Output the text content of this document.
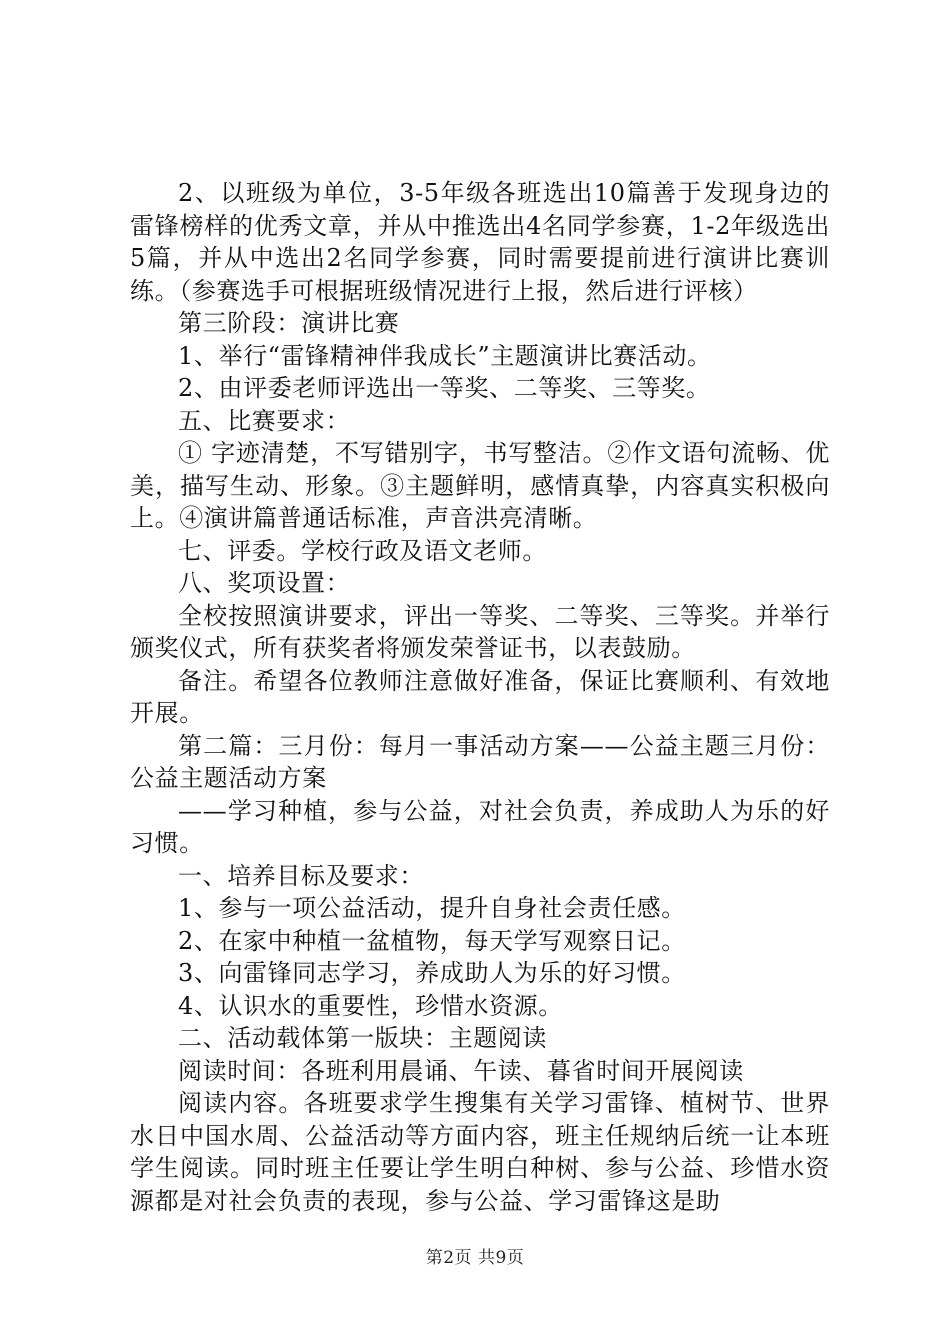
2、以班级为单位，3-5年级各班选出10篇善于发现身边的雷锋榜样的优秀文章，并从中推选出4名同学参赛，1-2年级选出5篇，并从中选出2名同学参赛，同时需要提前进行演讲比赛训练。（参赛选手可根据班级情况进行上报，然后进行评核）

第三阶段：演讲比赛

1、举行“雷锋精神伴我成长”主题演讲比赛活动。

2、由评委老师评选出一等奖、二等奖、三等奖。

五、比赛要求：

① 字迹清楚，不写错别字，书写整洁。②作文语句流畅、优美，描写生动、形象。③主题鲜明，感情真挚，内容真实积极向上。④演讲篇普通话标准，声音洪亮清晰。

七、评委。学校行政及语文老师。

八、奖项设置：

全校按照演讲要求，评出一等奖、二等奖、三等奖。并举行颁奖仪式，所有获奖者将颁发荣誉证书，以表鼓励。

备注。希望各位教师注意做好准备，保证比赛顺利、有效地开展。

第二篇：三月份：每月一事活动方案——公益主题三月份：公益主题活动方案

——学习种植，参与公益，对社会负责，养成助人为乐的好习惯。

一、培养目标及要求：

1、参与一项公益活动，提升自身社会责任感。

2、在家中种植一盆植物，每天学写观察日记。

3、向雷锋同志学习，养成助人为乐的好习惯。

4、认识水的重要性，珍惜水资源。

二、活动载体第一版块：主题阅读

阅读时间：各班利用晨诵、午读、暮省时间开展阅读

阅读内容。各班要求学生搜集有关学习雷锋、植树节、世界水日中国水周、公益活动等方面内容，班主任规纳后统一让本班学生阅读。同时班主任要让学生明白种树、参与公益、珍惜水资源都是对社会负责的表现，参与公益、学习雷锋这是助

第2页 共9页
